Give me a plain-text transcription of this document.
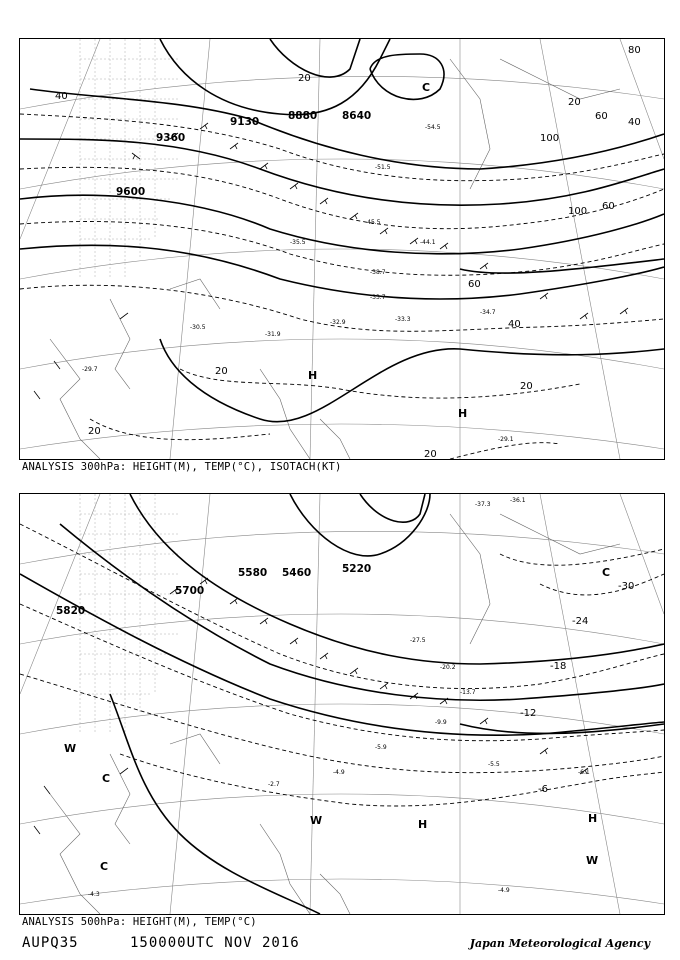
9130	8880 8640
9360
9600
20
40
60
80
100
20
40
60
100
60
40
20
20
20
20
C
H
H
-54.5
-51.5
-45.5
-44.1
-38.7
-35.5
-33.7
-32.9
-31.9
-30.5
-29.7
-34.7
-33.3
-29.1
ANALYSIS 300hPa: HEIGHT(M), TEMP(°C), ISOTACH(KT)
5220
5460
5580
5700
5820
-30
-24
-18
-12
-6
C
H	H
W
W
W
C
C
-37.3
-36.1
-27.5
-20.2
-13.7
-9.9
-5.9
-5.5
-4.9	-6.1
-4.3
-4.9
-2.7
ANALYSIS 500hPa: HEIGHT(M), TEMP(°C)
AUPQ35	150000UTC NOV 2016	Japan Meteorological Agency
